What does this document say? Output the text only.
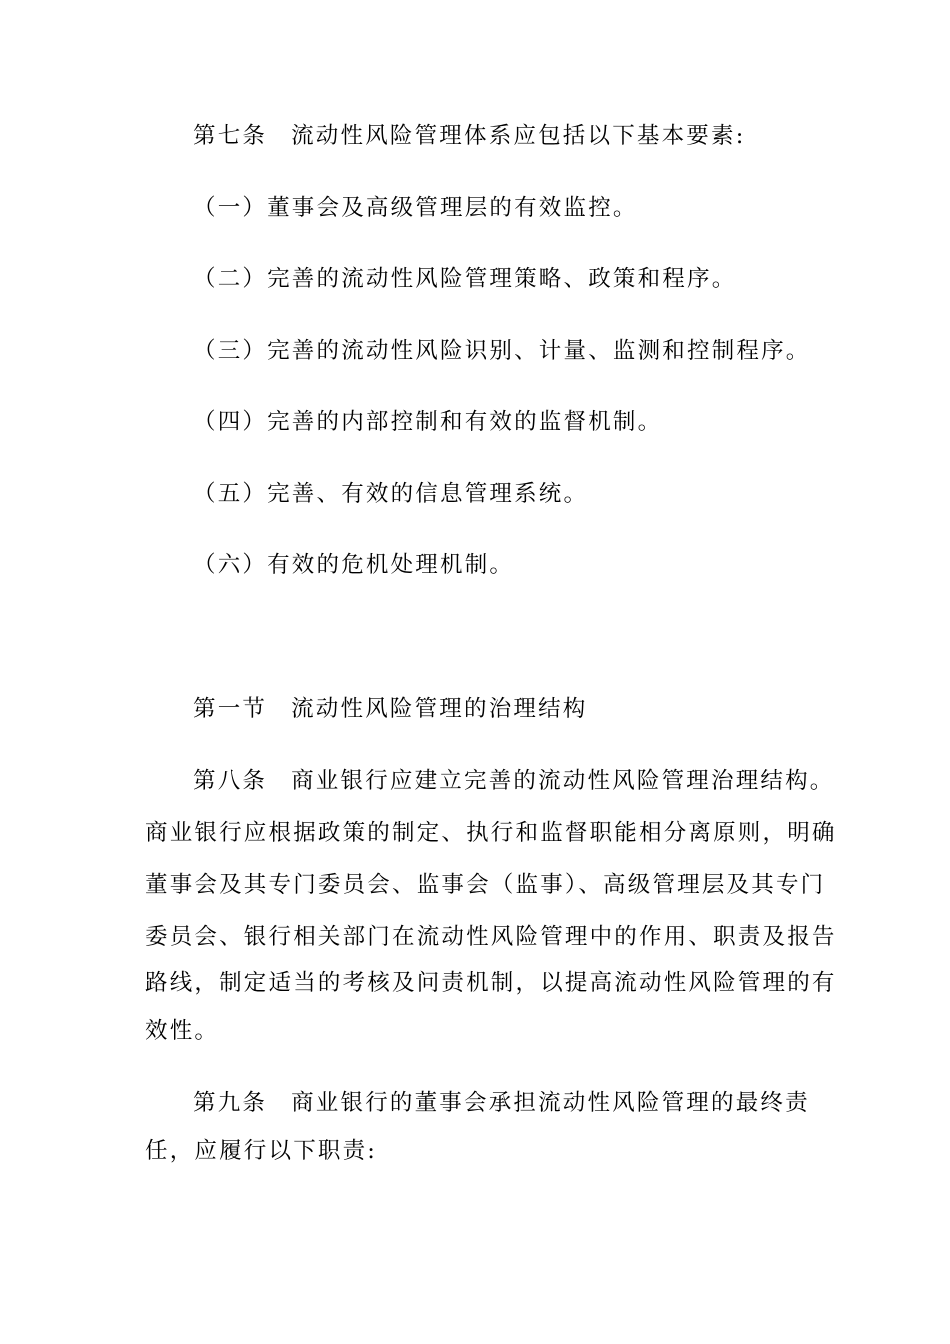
第七条 流动性风险管理体系应包括以下基本要素:
（一）董事会及高级管理层的有效监控。
（二）完善的流动性风险管理策略、政策和程序。
（三）完善的流动性风险识别、计量、监测和控制程序。
（四）完善的内部控制和有效的监督机制。
（五）完善、有效的信息管理系统。
（六）有效的危机处理机制。
第一节 流动性风险管理的治理结构
第八条 商业银行应建立完善的流动性风险管理治理结构。
商业银行应根据政策的制定、执行和监督职能相分离原则，明确
董事会及其专门委员会、监事会（监事）、高级管理层及其专门
委员会、银行相关部门在流动性风险管理中的作用、职责及报告
路线，制定适当的考核及问责机制，以提高流动性风险管理的有
效性。
第九条 商业银行的董事会承担流动性风险管理的最终责
任，应履行以下职责:
